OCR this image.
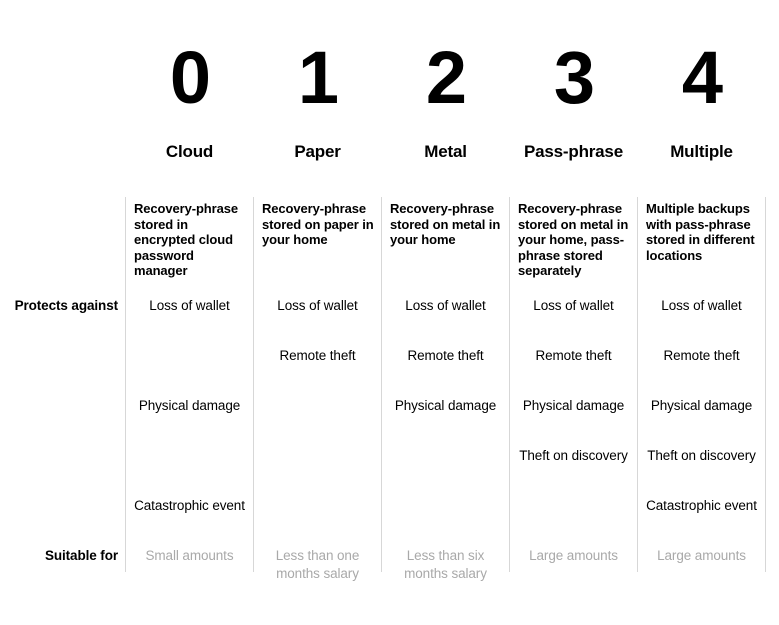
Protects against
Suitable for
0
Cloud
Recovery-phrase stored in encrypted cloud password manager
Loss of wallet
Physical damage
Catastrophic event
Small amounts
1
Paper
Recovery-phrase stored on paper in your home
Loss of wallet
Remote theft
Less than one months salary
2
Metal
Recovery-phrase stored on metal in your home
Loss of wallet
Remote theft
Physical damage
Less than six months salary
3
Pass-phrase
Recovery-phrase stored on metal in your home, pass-phrase stored separately
Loss of wallet
Remote theft
Physical damage
Theft on discovery
Large amounts
4
Multiple
Multiple backups with pass-phrase stored in different locations
Loss of wallet
Remote theft
Physical damage
Theft on discovery
Catastrophic event
Large amounts
